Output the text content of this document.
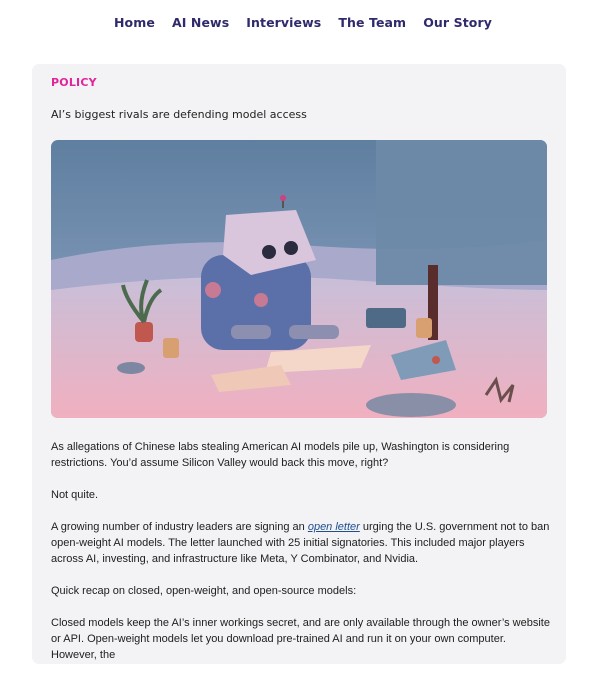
Home AI News Interviews The Team Our Story
POLICY
AI’s biggest rivals are defending model access

As allegations of Chinese labs stealing American AI models pile up, Washington is considering restrictions. You’d assume Silicon Valley would back this move, right?

Not quite.

A growing number of industry leaders are signing an open letter urging the U.S. government not to ban open-weight AI models. The letter launched with 25 initial signatories. This included major players across AI, investing, and infrastructure like Meta, Y Combinator, and Nvidia.

Quick recap on closed, open-weight, and open-source models:

Closed models keep the AI’s inner workings secret, and are only available through the owner’s website or API. Open-weight models let you download pre-trained AI and run it on your own computer. However, the
